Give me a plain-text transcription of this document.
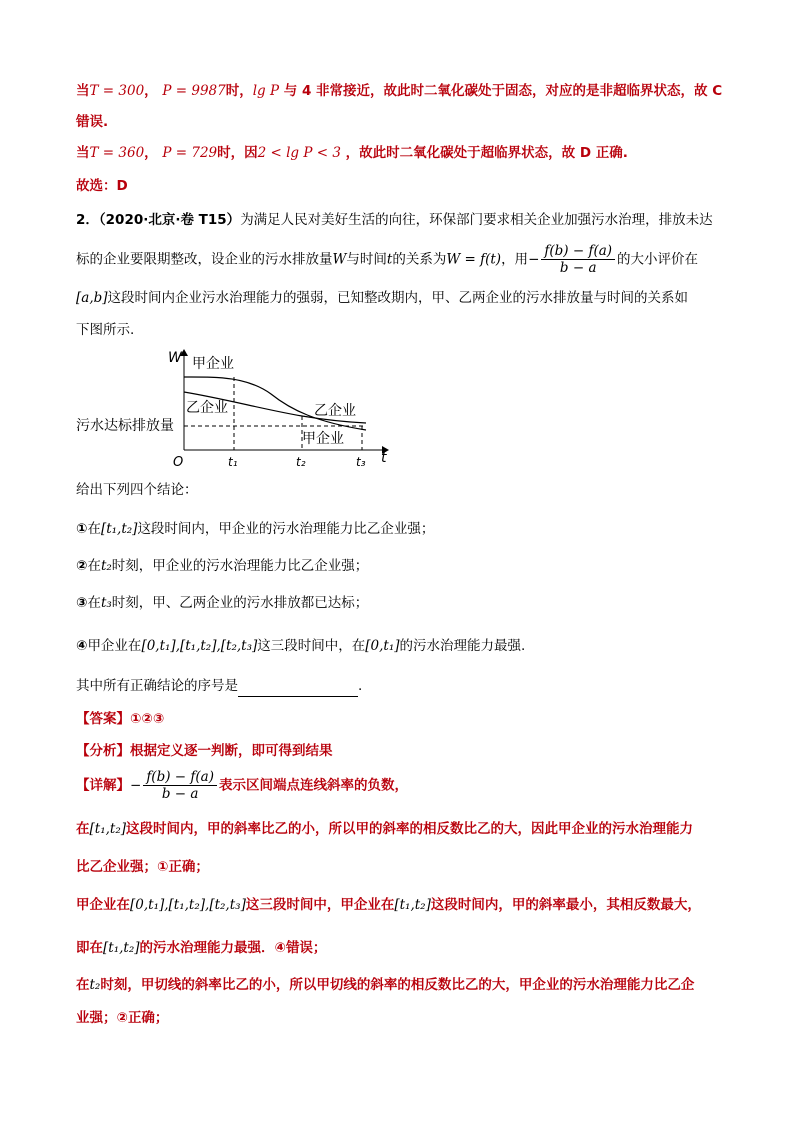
当T = 300， P = 9987时，lg P 与 4 非常接近，故此时二氧化碳处于固态，对应的是非超临界状态，故 C
错误.
当T = 360， P = 729时，因2 < lg P < 3 ，故此时二氧化碳处于超临界状态，故 D 正确.
故选：D
2．（2020·北京·卷 T15）为满足人民对美好生活的向往，环保部门要求相关企业加强污水治理，排放未达
标的企业要限期整改，设企业的污水排放量W与时间t的关系为W = f(t)，用− $\frac{f(b) - f(a)}{b - a}$ 的大小评价在
[a,b]这段时间内企业污水治理能力的强弱，已知整改期内，甲、乙两企业的污水排放量与时间的关系如
下图所示.
W
t
O
甲企业
乙企业	乙企业
甲企业
污水达标排放量
t₁	t₂	t₃
给出下列四个结论：
①在[t₁,t₂]这段时间内，甲企业的污水治理能力比乙企业强；
②在t₂时刻，甲企业的污水治理能力比乙企业强；
③在t₃时刻，甲、乙两企业的污水排放都已达标；
④甲企业在[0,t₁],[t₁,t₂],[t₂,t₃]这三段时间中，在[0,t₁]的污水治理能力最强.
其中所有正确结论的序号是	.
【答案】①②③
【分析】根据定义逐一判断，即可得到结果
【详解】− $\frac{f(b) - f(a)}{b - a}$ 表示区间端点连线斜率的负数，
在[t₁,t₂]这段时间内，甲的斜率比乙的小，所以甲的斜率的相反数比乙的大，因此甲企业的污水治理能力
比乙企业强；①正确；
甲企业在[0,t₁],[t₁,t₂],[t₂,t₃]这三段时间中，甲企业在[t₁,t₂]这段时间内，甲的斜率最小，其相反数最大，
即在[t₁,t₂]的污水治理能力最强．④错误；
在t₂时刻，甲切线的斜率比乙的小，所以甲切线的斜率的相反数比乙的大，甲企业的污水治理能力比乙企
业强；②正确；
